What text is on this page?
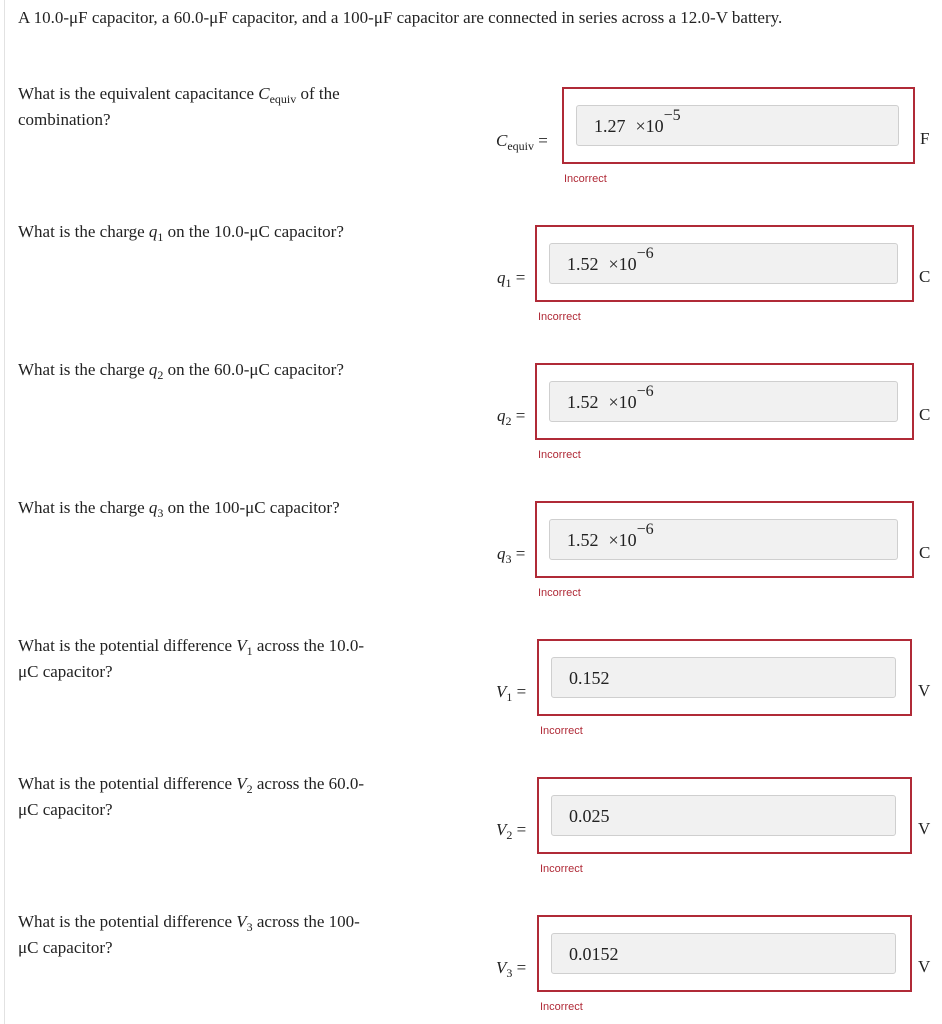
A 10.0-μF capacitor, a 60.0-μF capacitor, and a 100-μF capacitor are connected in series across a 12.0-V battery.
What is the equivalent capacitance $C_{equiv}$ of the combination?
$C_{equiv}$ =
$1.27 \times 10^{-5}$
F
Incorrect
What is the charge $q_1$ on the 10.0-μC capacitor?
$q_1$ =
$1.52 \times 10^{-6}$
C
Incorrect
What is the charge $q_2$ on the 60.0-μC capacitor?
$q_2$ =
$1.52 \times 10^{-6}$
C
Incorrect
What is the charge $q_3$ on the 100-μC capacitor?
$q_3$ =
$1.52 \times 10^{-6}$
C
Incorrect
What is the potential difference $V_1$ across the 10.0-μC capacitor?
$V_1$ =
0.152
V
Incorrect
What is the potential difference $V_2$ across the 60.0-μC capacitor?
$V_2$ =
0.025
V
Incorrect
What is the potential difference $V_3$ across the 100-μC capacitor?
$V_3$ =
0.0152
V
Incorrect
